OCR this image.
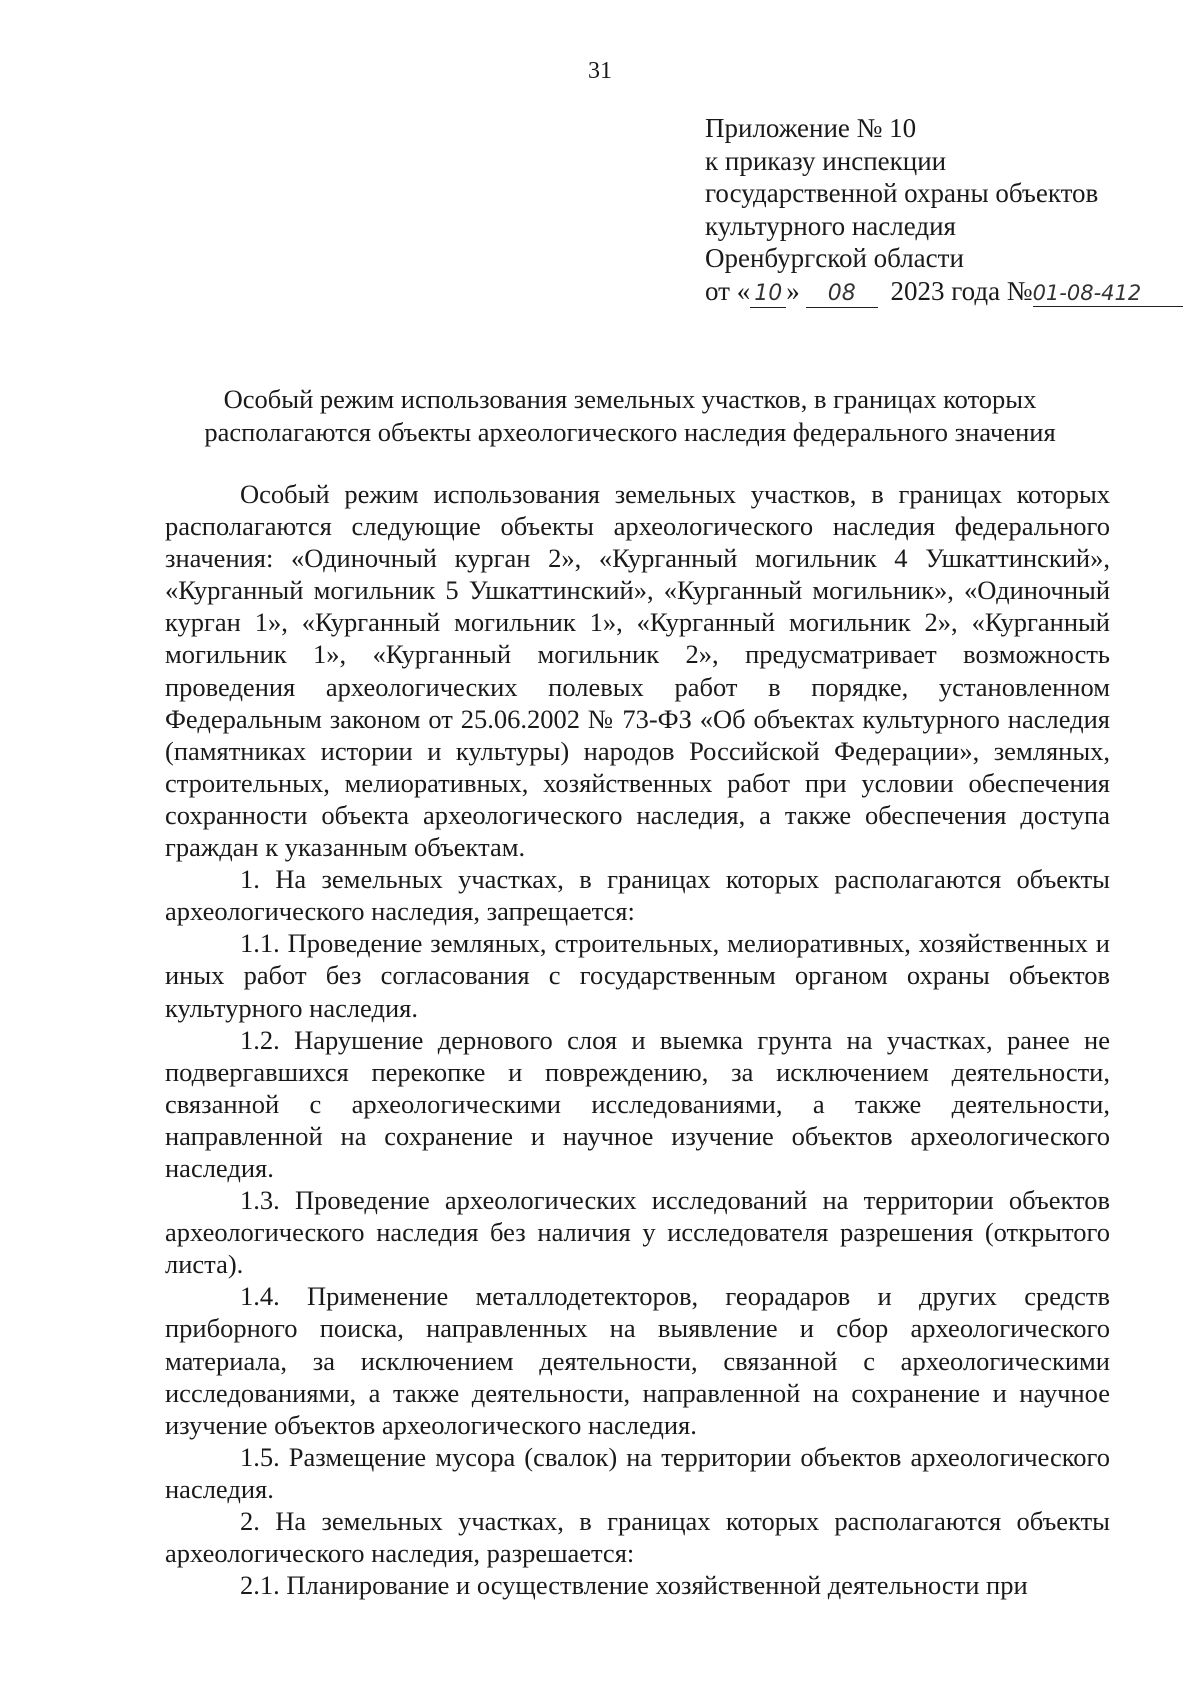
31
Приложение № 10
к приказу инспекции
государственной охраны объектов
культурного наследия
Оренбургской области
от « 10 » 08 2023 года №01-08-412
Особый режим использования земельных участков, в границах которых
располагаются объекты археологического наследия федерального значения

Особый режим использования земельных участков, в границах которых располагаются следующие объекты археологического наследия федерального значения: «Одиночный курган 2», «Курганный могильник 4 Ушкаттинский», «Курганный могильник 5 Ушкаттинский», «Курганный могильник», «Одиночный курган 1», «Курганный могильник 1», «Курганный могильник 2», «Курганный могильник 1», «Курганный могильник 2», предусматривает возможность проведения археологических полевых работ в порядке, установленном Федеральным законом от 25.06.2002 № 73-ФЗ «Об объектах культурного наследия (памятниках истории и культуры) народов Российской Федерации», земляных, строительных, мелиоративных, хозяйственных работ при условии обеспечения сохранности объекта археологического наследия, а также обеспечения доступа граждан к указанным объектам.

1. На земельных участках, в границах которых располагаются объекты археологического наследия, запрещается:

1.1. Проведение земляных, строительных, мелиоративных, хозяйственных и иных работ без согласования с государственным органом охраны объектов культурного наследия.

1.2. Нарушение дернового слоя и выемка грунта на участках, ранее не подвергавшихся перекопке и повреждению, за исключением деятельности, связанной с археологическими исследованиями, а также деятельности, направленной на сохранение и научное изучение объектов археологического наследия.

1.3. Проведение археологических исследований на территории объектов археологического наследия без наличия у исследователя разрешения (открытого листа).

1.4. Применение металлодетекторов, георадаров и других средств приборного поиска, направленных на выявление и сбор археологического материала, за исключением деятельности, связанной с археологическими исследованиями, а также деятельности, направленной на сохранение и научное изучение объектов археологического наследия.

1.5. Размещение мусора (свалок) на территории объектов археологического наследия.

2. На земельных участках, в границах которых располагаются объекты археологического наследия, разрешается:

2.1. Планирование и осуществление хозяйственной деятельности при
